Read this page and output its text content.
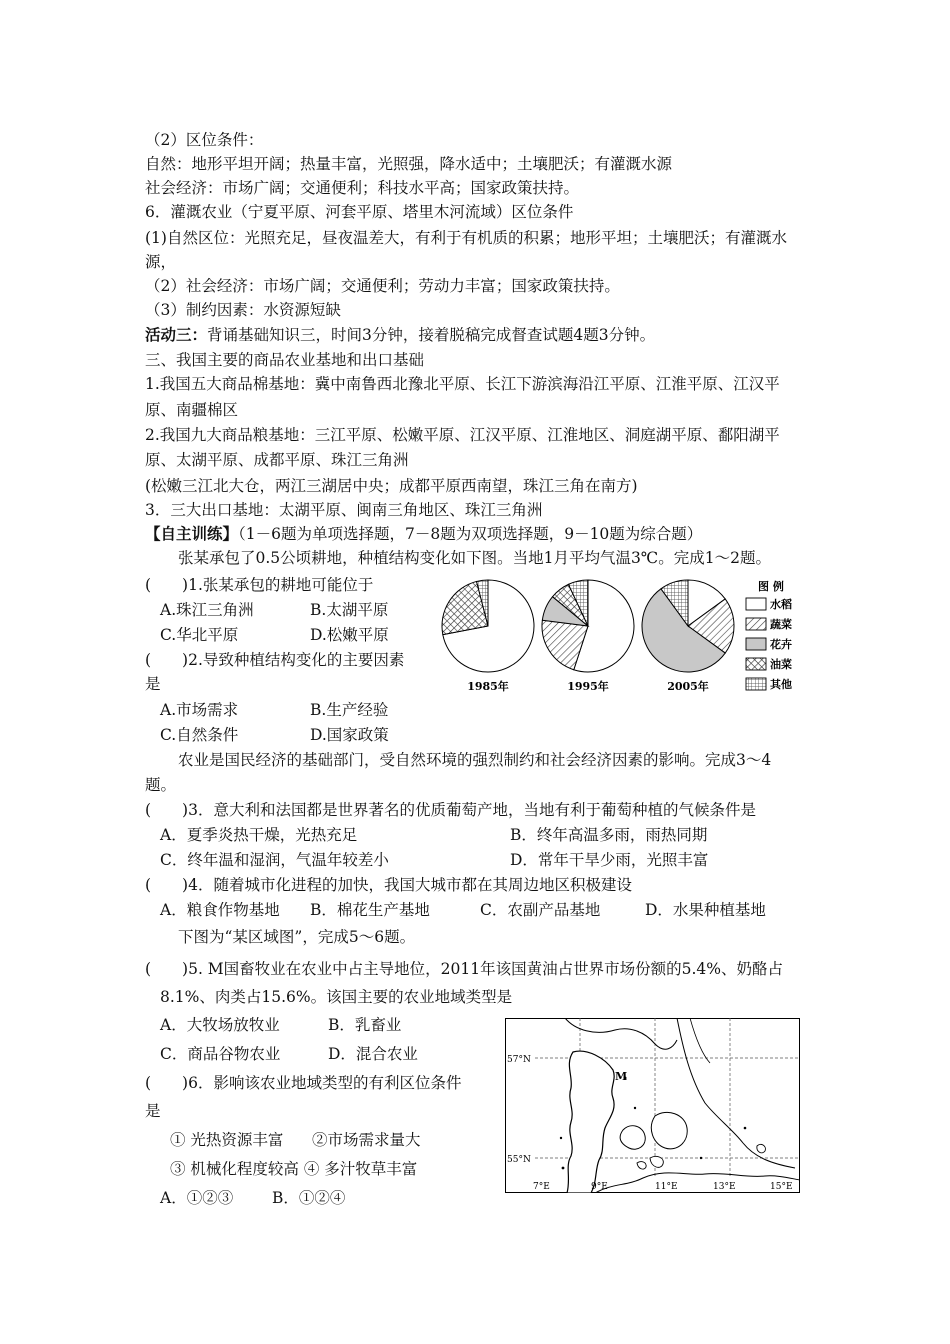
（2）区位条件：
自然：地形平坦开阔；热量丰富，光照强，降水适中；土壤肥沃；有灌溉水源
社会经济：市场广阔；交通便利；科技水平高；国家政策扶持。
6．灌溉农业（宁夏平原、河套平原、塔里木河流域）区位条件
(1)自然区位：光照充足，昼夜温差大，有利于有机质的积累；地形平坦；土壤肥沃；有灌溉水
源，
（2）社会经济：市场广阔；交通便利；劳动力丰富；国家政策扶持。
（3）制约因素：水资源短缺
活动三：背诵基础知识三，时间3分钟，接着脱稿完成督查试题4题3分钟。
三、我国主要的商品农业基地和出口基础
1.我国五大商品棉基地：冀中南鲁西北豫北平原、长江下游滨海沿江平原、江淮平原、江汉平
原、南疆棉区
2.我国九大商品粮基地：三江平原、松嫩平原、江汉平原、江淮地区、洞庭湖平原、鄱阳湖平
原、太湖平原、成都平原、珠江三角洲
(松嫩三江北大仓，两江三湖居中央；成都平原西南望，珠江三角在南方)
3．三大出口基地：太湖平原、闽南三角地区、珠江三角洲
【自主训练】（1－6题为单项选择题，7－8题为双项选择题，9－10题为综合题）
张某承包了0.5公顷耕地，种植结构变化如下图。当地1月平均气温3℃。完成1～2题。
(　　)1.张某承包的耕地可能位于
A.珠江三角洲	B.太湖平原
C.华北平原	D.松嫩平原
(　　)2.导致种植结构变化的主要因素
是
A.市场需求	B.生产经验
C.自然条件	D.国家政策
1985年	1995年	2005年
图 例
水稻
蔬菜
花卉
油菜
其他
农业是国民经济的基础部门，受自然环境的强烈制约和社会经济因素的影响。完成3～4
题。
(　　)3．意大利和法国都是世界著名的优质葡萄产地，当地有利于葡萄种植的气候条件是
A．夏季炎热干燥，光热充足	B．终年高温多雨，雨热同期
C．终年温和湿润，气温年较差小	D．常年干旱少雨，光照丰富
(　　)4．随着城市化进程的加快，我国大城市都在其周边地区积极建设
A．粮食作物基地 B．棉花生产基地	C．农副产品基地	D．水果种植基地
下图为“某区域图”，完成5～6题。
(　　)5. M国畜牧业在农业中占主导地位，2011年该国黄油占世界市场份额的5.4%、奶酪占
8.1%、肉类占15.6%。该国主要的农业地域类型是
A．大牧场放牧业	B．乳畜业
C．商品谷物农业	D．混合农业
(　　)6．影响该农业地域类型的有利区位条件
是
① 光热资源丰富 ②市场需求量大
③ 机械化程度较高 ④ 多汁牧草丰富
A．①②③	B．①②④
M
57°N
55°N
7°E	9°E	11°E	13°E	15°E
